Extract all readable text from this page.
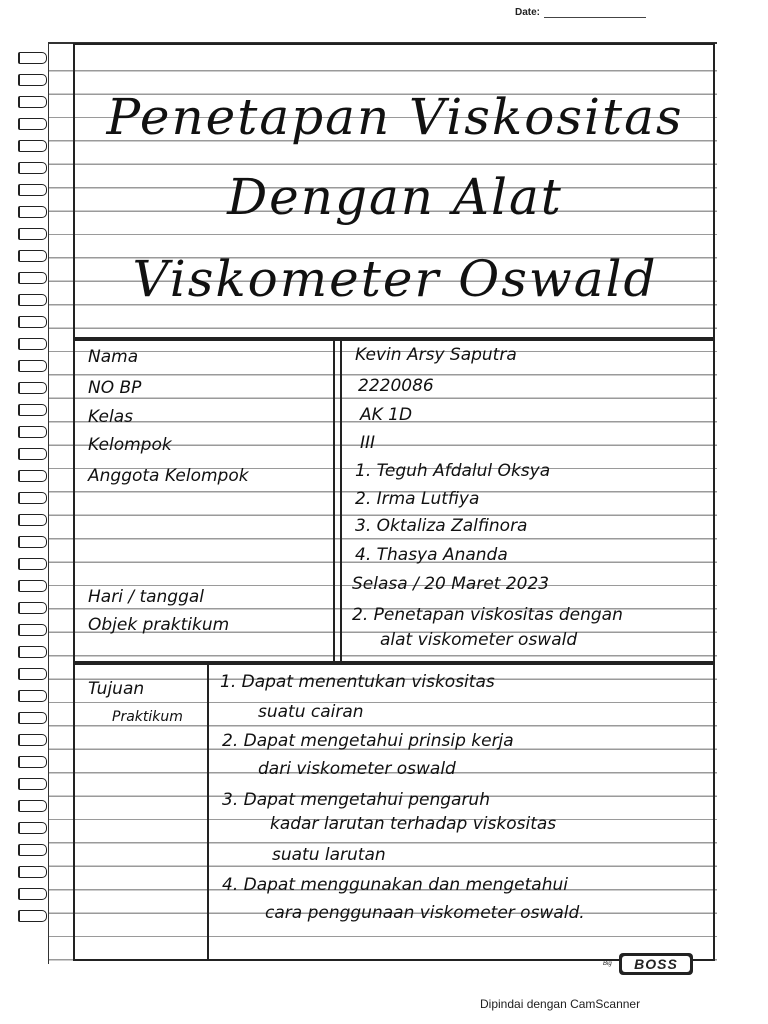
Date:
Penetapan Viskositas
Dengan Alat
Viskometer Oswald
Nama
NO BP
Kelas
Kelompok
Anggota Kelompok
Hari / tanggal
Objek praktikum
Kevin Arsy Saputra
2220086
AK 1D
III
1. Teguh Afdalul Oksya
2. Irma Lutfiya
3. Oktaliza Zalfinora
4. Thasya Ananda
Selasa / 20 Maret 2023
2. Penetapan viskositas dengan
alat viskometer oswald
Tujuan
Praktikum
1. Dapat menentukan viskositas
suatu cairan
2. Dapat mengetahui prinsip kerja
dari viskometer oswald
3. Dapat mengetahui pengaruh
kadar larutan terhadap viskositas
suatu larutan
4. Dapat menggunakan dan mengetahui
cara penggunaan viskometer oswald.
Big BOSS
Dipindai dengan CamScanner
